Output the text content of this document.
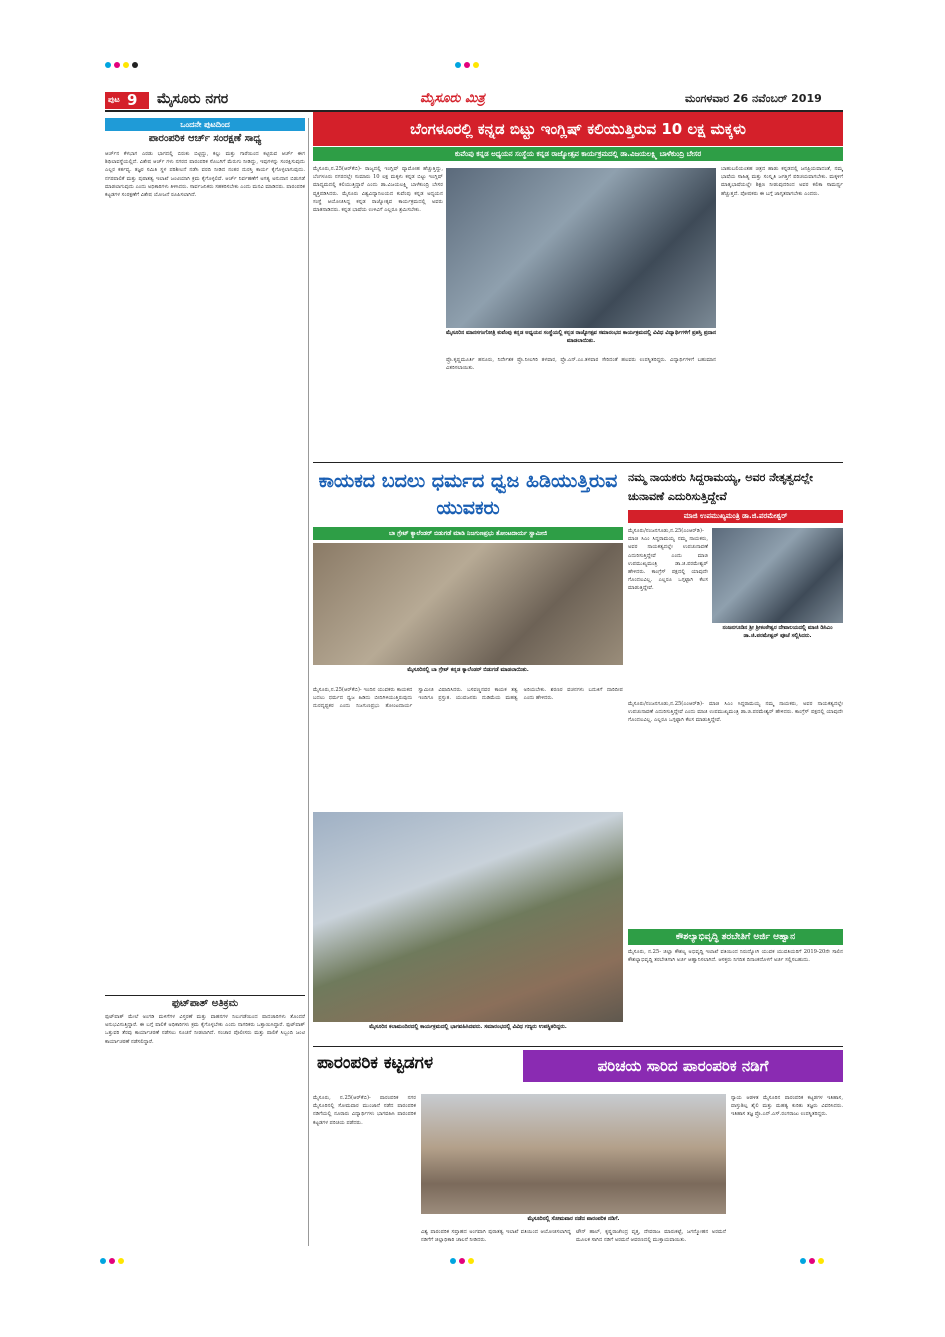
ಪುಟ 9 ಮೈಸೂರು ನಗರ	ಮೈಸೂರು ಮಿತ್ರ	ಮಂಗಳವಾರ 26 ನವೆಂಬರ್ 2019
ಒಂದನೇ ಪುಟದಿಂದ
ಪಾರಂಪರಿಕ ಆರ್ಚ್ ಸಂರಕ್ಷಣೆ ಸಾಧ್ಯ
ಆರ್ಚ್‌ನ ಕೆಳಭಾಗ ಎರಡು ಭಾಗದಲ್ಲಿ ಬಿರುಕು ಬಿಟ್ಟಿದ್ದು, ಕಲ್ಲು ಮತ್ತು ಗಾರೆಯಿಂದ ಕಟ್ಟಿರುವ ಆರ್ಚ್ ಈಗ ಶಿಥಿಲಾವಸ್ಥೆಯಲ್ಲಿದೆ. ವಿಶೇಷ ಆರ್ಚ್ ಗಳು ನಗರದ ಪಾರಂಪರಿಕ ಸೊಬಗಿಗೆ ಮೆರುಗು ನೀಡಿದ್ದು, ಇವುಗಳನ್ನು ಸಂರಕ್ಷಿಸುವುದು ಎಲ್ಲರ ಕರ್ತವ್ಯ. ತಜ್ಞರ ಸಮಿತಿ ಸ್ಥಳ ಪರಿಶೀಲನೆ ನಡೆಸಿ ವರದಿ ನೀಡಿದ ನಂತರ ದುರಸ್ತಿ ಕಾರ್ಯ ಕೈಗೊಳ್ಳಲಾಗುವುದು. ನಗರಪಾಲಿಕೆ ಮತ್ತು ಪುರಾತತ್ವ ಇಲಾಖೆ ಜಂಟಿಯಾಗಿ ಕ್ರಮ ಕೈಗೊಳ್ಳಲಿವೆ. ಆರ್ಚ್ ನಿರ್ವಹಣೆಗೆ ಅಗತ್ಯ ಅನುದಾನ ಬಿಡುಗಡೆ ಮಾಡಲಾಗುವುದು ಎಂದು ಅಧಿಕಾರಿಗಳು ತಿಳಿಸಿದರು. ಸಾರ್ವಜನಿಕರು ಸಹಕರಿಸಬೇಕು ಎಂದು ಮನವಿ ಮಾಡಿದರು. ಪಾರಂಪರಿಕ ಕಟ್ಟಡಗಳ ಸಂರಕ್ಷಣೆಗೆ ವಿಶೇಷ ಯೋಜನೆ ರೂಪಿಸಲಾಗಿದೆ.
ಫುಟ್‌ಪಾತ್ ಅತಿಕ್ರಮ
ಫುಟ್‌ಪಾತ್ ಮೇಲೆ ಅಂಗಡಿ ಮಳಿಗೆಗಳ ವಿಸ್ತರಣೆ ಮತ್ತು ವಾಹನಗಳ ನಿಲುಗಡೆಯಿಂದ ಪಾದಚಾರಿಗಳು ತೊಂದರೆ ಅನುಭವಿಸುತ್ತಿದ್ದಾರೆ. ಈ ಬಗ್ಗೆ ಪಾಲಿಕೆ ಅಧಿಕಾರಿಗಳು ಕ್ರಮ ಕೈಗೊಳ್ಳಬೇಕು ಎಂದು ನಾಗರಿಕರು ಒತ್ತಾಯಿಸಿದ್ದಾರೆ. ಫುಟ್‌ಪಾತ್ ಒತ್ತುವರಿ ತೆರವು ಕಾರ್ಯಾಚರಣೆ ನಡೆಸಲು ಸೂಚನೆ ನೀಡಲಾಗಿದೆ. ಸಂಚಾರ ಪೊಲೀಸರು ಮತ್ತು ಪಾಲಿಕೆ ಸಿಬ್ಬಂದಿ ಜಂಟಿ ಕಾರ್ಯಾಚರಣೆ ನಡೆಸಲಿದ್ದಾರೆ.
ಬೆಂಗಳೂರಲ್ಲಿ ಕನ್ನಡ ಬಿಟ್ಟು ಇಂಗ್ಲಿಷ್ ಕಲಿಯುತ್ತಿರುವ 10 ಲಕ್ಷ ಮಕ್ಕಳು
ಕುವೆಂಪು ಕನ್ನಡ ಅಧ್ಯಯನ ಸಂಸ್ಥೆಯ ಕನ್ನಡ ರಾಜ್ಯೋತ್ಸವ ಕಾರ್ಯಕ್ರಮದಲ್ಲಿ ಡಾ.ವಿಜಯಲಕ್ಷ್ಮಿ ಬಾಳೆಕುಂದ್ರಿ ಬೇಸರ
ಮೈಸೂರು,ನ.25(ಆರ್‌ಕೆಬಿ)- ರಾಜ್ಯದಲ್ಲಿ ಇಂಗ್ಲಿಷ್ ವ್ಯಾಮೋಹ ಹೆಚ್ಚುತ್ತಿದ್ದು, ಬೆಂಗಳೂರು ನಗರದಲ್ಲೇ ಸುಮಾರು 10 ಲಕ್ಷ ಮಕ್ಕಳು ಕನ್ನಡ ಬಿಟ್ಟು ಇಂಗ್ಲಿಷ್ ಮಾಧ್ಯಮದಲ್ಲಿ ಕಲಿಯುತ್ತಿದ್ದಾರೆ ಎಂದು ಡಾ.ವಿಜಯಲಕ್ಷ್ಮಿ ಬಾಳೆಕುಂದ್ರಿ ಬೇಸರ ವ್ಯಕ್ತಪಡಿಸಿದರು. ಮೈಸೂರು ವಿಶ್ವವಿದ್ಯಾನಿಲಯದ ಕುವೆಂಪು ಕನ್ನಡ ಅಧ್ಯಯನ ಸಂಸ್ಥೆ ಆಯೋಜಿಸಿದ್ದ ಕನ್ನಡ ರಾಜ್ಯೋತ್ಸವ ಕಾರ್ಯಕ್ರಮದಲ್ಲಿ ಅವರು ಮಾತನಾಡಿದರು. ಕನ್ನಡ ಭಾಷೆಯ ಉಳಿವಿಗೆ ಎಲ್ಲರೂ ಶ್ರಮಿಸಬೇಕು.
ಬಾಹುಬಲಿಯಂತಹ ಚಿತ್ರದ ಹಾಡು ಕನ್ನಡದಲ್ಲಿ ಜನಪ್ರಿಯವಾದಂತೆ, ನಮ್ಮ ಭಾಷೆಯ ಸಾಹಿತ್ಯ ಮತ್ತು ಸಂಸ್ಕೃತಿ ಜಗತ್ತಿಗೆ ಪರಿಚಯವಾಗಬೇಕು. ಮಕ್ಕಳಿಗೆ ಮಾತೃಭಾಷೆಯಲ್ಲೇ ಶಿಕ್ಷಣ ನೀಡುವುದರಿಂದ ಅವರ ಕಲಿಕಾ ಸಾಮರ್ಥ್ಯ ಹೆಚ್ಚುತ್ತದೆ. ಪೋಷಕರು ಈ ಬಗ್ಗೆ ಜಾಗೃತರಾಗಬೇಕು ಎಂದರು.
ಮೈಸೂರಿನ ಮಾನಸಗಂಗೋತ್ರಿ ಕುವೆಂಪು ಕನ್ನಡ ಅಧ್ಯಯನ ಸಂಸ್ಥೆಯಲ್ಲಿ ಕನ್ನಡ ರಾಜ್ಯೋತ್ಸವ ಸಮಾರಂಭದ ಕಾರ್ಯಕ್ರಮದಲ್ಲಿ ವಿವಿಧ ವಿದ್ಯಾರ್ಥಿಗಳಿಗೆ ಪ್ರಶಸ್ತಿ ಪ್ರದಾನ ಮಾಡಲಾಯಿತು.
ಪ್ರೊ.ಕೃಷ್ಣಮೂರ್ತಿ ಹನೂರು, ನಿರ್ದೇಶಕ ಪ್ರೊ.ನೀಲಗಿರಿ ತಳವಾರ, ಪ್ರೊ.ಎನ್.ಎಂ.ತಳವಾರ ಸೇರಿದಂತೆ ಹಲವರು ಉಪಸ್ಥಿತರಿದ್ದರು. ವಿದ್ಯಾರ್ಥಿಗಳಿಗೆ ಬಹುಮಾನ ವಿತರಿಸಲಾಯಿತು.
ಕಾಯಕದ ಬದಲು ಧರ್ಮದ ಧ್ವಜ ಹಿಡಿಯುತ್ತಿರುವ ಯುವಕರು
ಬಾ ಗ್ರೇಟ್ ಕ್ಯಾಲೆಂಡರ್ ಬಿಡುಗಡೆ ಮಾಡಿ ನಿಜಗುಣಪ್ರಭು ತೋಂಟದಾರ್ಯ ಸ್ವಾಮೀಜಿ
ಮೈಸೂರಿನಲ್ಲಿ ಬಾ ಗ್ರೇಟ್ ಕನ್ನಡ ಕ್ಯಾಲೆಂಡರ್ ಬಿಡುಗಡೆ ಮಾಡಲಾಯಿತು.
ಮೈಸೂರು,ನ.25(ಆರ್‌ಕೆಬಿ)- ಇಂದಿನ ಯುವಕರು ಕಾಯಕದ ಬದಲು ಧರ್ಮದ ಧ್ವಜ ಹಿಡಿದು ಬೀದಿಗಿಳಿಯುತ್ತಿರುವುದು ದುರದೃಷ್ಟಕರ ಎಂದು ನಿಜಗುಣಪ್ರಭು ತೋಂಟದಾರ್ಯ ಸ್ವಾಮೀಜಿ ವಿಷಾದಿಸಿದರು. ಬಸವಣ್ಣನವರ ಕಾಯಕ ತತ್ವ ಇಂದಿಗೂ ಪ್ರಸ್ತುತ. ಯುವಜನರು ದುಡಿಮೆಯ ಮಹತ್ವ ಅರಿಯಬೇಕು. ಶರಣರ ವಚನಗಳು ಬದುಕಿಗೆ ದಾರಿದೀಪ ಎಂದು ಹೇಳಿದರು.
ನಮ್ಮ ನಾಯಕರು ಸಿದ್ದರಾಮಯ್ಯ, ಅವರ ನೇತೃತ್ವದಲ್ಲೇ ಚುನಾವಣೆ ಎದುರಿಸುತ್ತಿದ್ದೇವೆ
ಮಾಜಿ ಉಪಮುಖ್ಯಮಂತ್ರಿ ಡಾ.ಜಿ.ಪರಮೇಶ್ವರ್
ಮೈಸೂರು/ನಂಜನಗೂಡು,ನ.25(ಎಂಆರ್‌ಡಿ)- ಮಾಜಿ ಸಿಎಂ ಸಿದ್ದರಾಮಯ್ಯ ನಮ್ಮ ನಾಯಕರು, ಅವರ ನಾಯಕತ್ವದಲ್ಲೇ ಉಪಚುನಾವಣೆ ಎದುರಿಸುತ್ತಿದ್ದೇವೆ ಎಂದು ಮಾಜಿ ಉಪಮುಖ್ಯಮಂತ್ರಿ ಡಾ.ಜಿ.ಪರಮೇಶ್ವರ್ ಹೇಳಿದರು. ಕಾಂಗ್ರೆಸ್ ಪಕ್ಷದಲ್ಲಿ ಯಾವುದೇ ಗೊಂದಲವಿಲ್ಲ. ಎಲ್ಲರೂ ಒಗ್ಗಟ್ಟಾಗಿ ಕೆಲಸ ಮಾಡುತ್ತಿದ್ದೇವೆ.
ನಂಜನಗೂಡಿನ ಶ್ರೀ ಶ್ರೀಕಂಠೇಶ್ವರ ದೇವಾಲಯದಲ್ಲಿ ಮಾಜಿ ಡಿಸಿಎಂ ಡಾ.ಜಿ.ಪರಮೇಶ್ವರ್ ಪೂಜೆ ಸಲ್ಲಿಸಿದರು.
ಮೈಸೂರು/ನಂಜನಗೂಡು,ನ.25(ಎಂಆರ್‌ಡಿ)- ಮಾಜಿ ಸಿಎಂ ಸಿದ್ದರಾಮಯ್ಯ ನಮ್ಮ ನಾಯಕರು, ಅವರ ನಾಯಕತ್ವದಲ್ಲೇ ಉಪಚುನಾವಣೆ ಎದುರಿಸುತ್ತಿದ್ದೇವೆ ಎಂದು ಮಾಜಿ ಉಪಮುಖ್ಯಮಂತ್ರಿ ಡಾ.ಜಿ.ಪರಮೇಶ್ವರ್ ಹೇಳಿದರು. ಕಾಂಗ್ರೆಸ್ ಪಕ್ಷದಲ್ಲಿ ಯಾವುದೇ ಗೊಂದಲವಿಲ್ಲ. ಎಲ್ಲರೂ ಒಗ್ಗಟ್ಟಾಗಿ ಕೆಲಸ ಮಾಡುತ್ತಿದ್ದೇವೆ.
ಮೈಸೂರಿನ ಕಲಾಮಂದಿರದಲ್ಲಿ ಕಾರ್ಯಕ್ರಮದಲ್ಲಿ ಭಾಗವಹಿಸಿದವರು. ಸಮಾರಂಭದಲ್ಲಿ ವಿವಿಧ ಗಣ್ಯರು ಉಪಸ್ಥಿತರಿದ್ದರು.
ಕೌಶಲ್ಯಾಭಿವೃದ್ಧಿ ತರಬೇತಿಗೆ ಅರ್ಜಿ ಆಹ್ವಾನ
ಮೈಸೂರು, ನ.25- ಜಿಲ್ಲಾ ಕೌಶಲ್ಯ ಅಭಿವೃದ್ಧಿ ಇಲಾಖೆ ವತಿಯಿಂದ ನಿರುದ್ಯೋಗಿ ಯುವಕ ಯುವತಿಯರಿಗೆ 2019-20ನೇ ಸಾಲಿನ ಕೌಶಲ್ಯಾಭಿವೃದ್ಧಿ ತರಬೇತಿಗಾಗಿ ಅರ್ಜಿ ಆಹ್ವಾನಿಸಲಾಗಿದೆ. ಆಸಕ್ತರು ನಿಗದಿತ ದಿನಾಂಕದೊಳಗೆ ಅರ್ಜಿ ಸಲ್ಲಿಸಬಹುದು.
ಪಾರಂಪರಿಕ ಕಟ್ಟಡಗಳ	ಪರಿಚಯ ಸಾರಿದ ಪಾರಂಪರಿಕ ನಡಿಗೆ
ಮೈಸೂರು, ನ.25(ಆರ್‌ಕೆಬಿ)- ಪಾರಂಪರಿಕ ನಗರ ಮೈಸೂರಿನಲ್ಲಿ ಸೋಮವಾರ ಮುಂಜಾನೆ ನಡೆದ ಪಾರಂಪರಿಕ ನಡಿಗೆಯಲ್ಲಿ ನೂರಾರು ವಿದ್ಯಾರ್ಥಿಗಳು ಭಾಗವಹಿಸಿ ಪಾರಂಪರಿಕ ಕಟ್ಟಡಗಳ ಪರಿಚಯ ಪಡೆದರು.
ಮೈಸೂರಿನಲ್ಲಿ ಸೋಮವಾರ ನಡೆದ ಪಾರಂಪರಿಕ ನಡಿಗೆ.
ವಿಶ್ವ ಪಾರಂಪರಿಕ ಸಪ್ತಾಹದ ಅಂಗವಾಗಿ ಪುರಾತತ್ವ ಇಲಾಖೆ ವತಿಯಿಂದ ಆಯೋಜಿಸಲಾಗಿದ್ದ ನಡಿಗೆಗೆ ಜಿಲ್ಲಾಧಿಕಾರಿ ಚಾಲನೆ ನೀಡಿದರು.
ಟೌನ್ ಹಾಲ್, ಕೃಷ್ಣರಾಜೇಂದ್ರ ವೃತ್ತ, ದೇವರಾಜ ಮಾರುಕಟ್ಟೆ, ಜಗನ್ಮೋಹನ ಅರಮನೆ ಮೂಲಕ ಸಾಗಿದ ನಡಿಗೆ ಅರಮನೆ ಆವರಣದಲ್ಲಿ ಮುಕ್ತಾಯವಾಯಿತು.
ನ್ಯಾಯ ಆಡಳಿತ ಮೈಸೂರಿನ ಪಾರಂಪರಿಕ ಕಟ್ಟಡಗಳ ಇತಿಹಾಸ, ವಾಸ್ತುಶಿಲ್ಪ ಶೈಲಿ ಮತ್ತು ಮಹತ್ವ ಕುರಿತು ತಜ್ಞರು ವಿವರಿಸಿದರು. ಇತಿಹಾಸ ತಜ್ಞ ಪ್ರೊ.ಎನ್.ಎಸ್.ರಂಗರಾಜು ಉಪಸ್ಥಿತರಿದ್ದರು.
